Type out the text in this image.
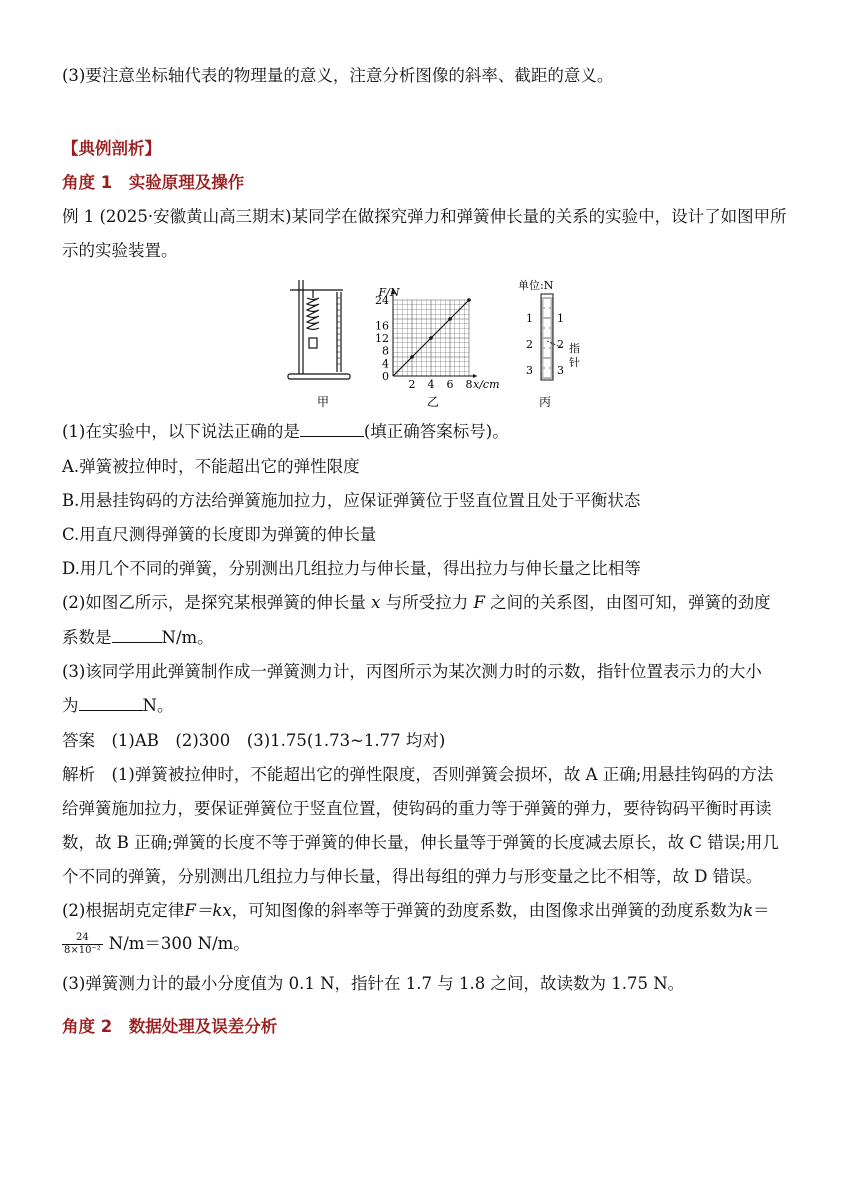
(3)要注意坐标轴代表的物理量的意义，注意分析图像的斜率、截距的意义。
【典例剖析】
角度 1　实验原理及操作
例 1 (2025·安徽黄山高三期末)某同学在做探究弹力和弹簧伸长量的关系的实验中，设计了如图甲所
示的实验装置。
甲
24
16
12
8
4
0
2 4 6 8
F/N
x/cm
乙
单位:N
1
2
3
1
2
3
指
针
丙
(1)在实验中，以下说法正确的是	(填正确答案标号)。
A.弹簧被拉伸时，不能超出它的弹性限度
B.用悬挂钩码的方法给弹簧施加拉力，应保证弹簧位于竖直位置且处于平衡状态
C.用直尺测得弹簧的长度即为弹簧的伸长量
D.用几个不同的弹簧，分别测出几组拉力与伸长量，得出拉力与伸长量之比相等
(2)如图乙所示，是探究某根弹簧的伸长量 x 与所受拉力 F 之间的关系图，由图可知，弹簧的劲度
系数是	N/m。
(3)该同学用此弹簧制作成一弹簧测力计，丙图所示为某次测力时的示数，指针位置表示力的大小
为	N。
答案　(1)AB　(2)300　(3)1.75(1.73~1.77 均对)
解析　(1)弹簧被拉伸时，不能超出它的弹性限度，否则弹簧会损坏，故 A 正确;用悬挂钩码的方法
给弹簧施加拉力，要保证弹簧位于竖直位置，使钩码的重力等于弹簧的弹力，要待钩码平衡时再读
数，故 B 正确;弹簧的长度不等于弹簧的伸长量，伸长量等于弹簧的长度减去原长，故 C 错误;用几
个不同的弹簧，分别测出几组拉力与伸长量，得出每组的弹力与形变量之比不相等，故 D 错误。
(2)根据胡克定律F＝kx，可知图像的斜率等于弹簧的劲度系数，由图像求出弹簧的劲度系数为k＝
$\frac{24}{\text{8×10⁻²}} N/m=300$ N/m。
(3)弹簧测力计的最小分度值为 0.1 N，指针在 1.7 与 1.8 之间，故读数为 1.75 N。
角度 2　数据处理及误差分析
